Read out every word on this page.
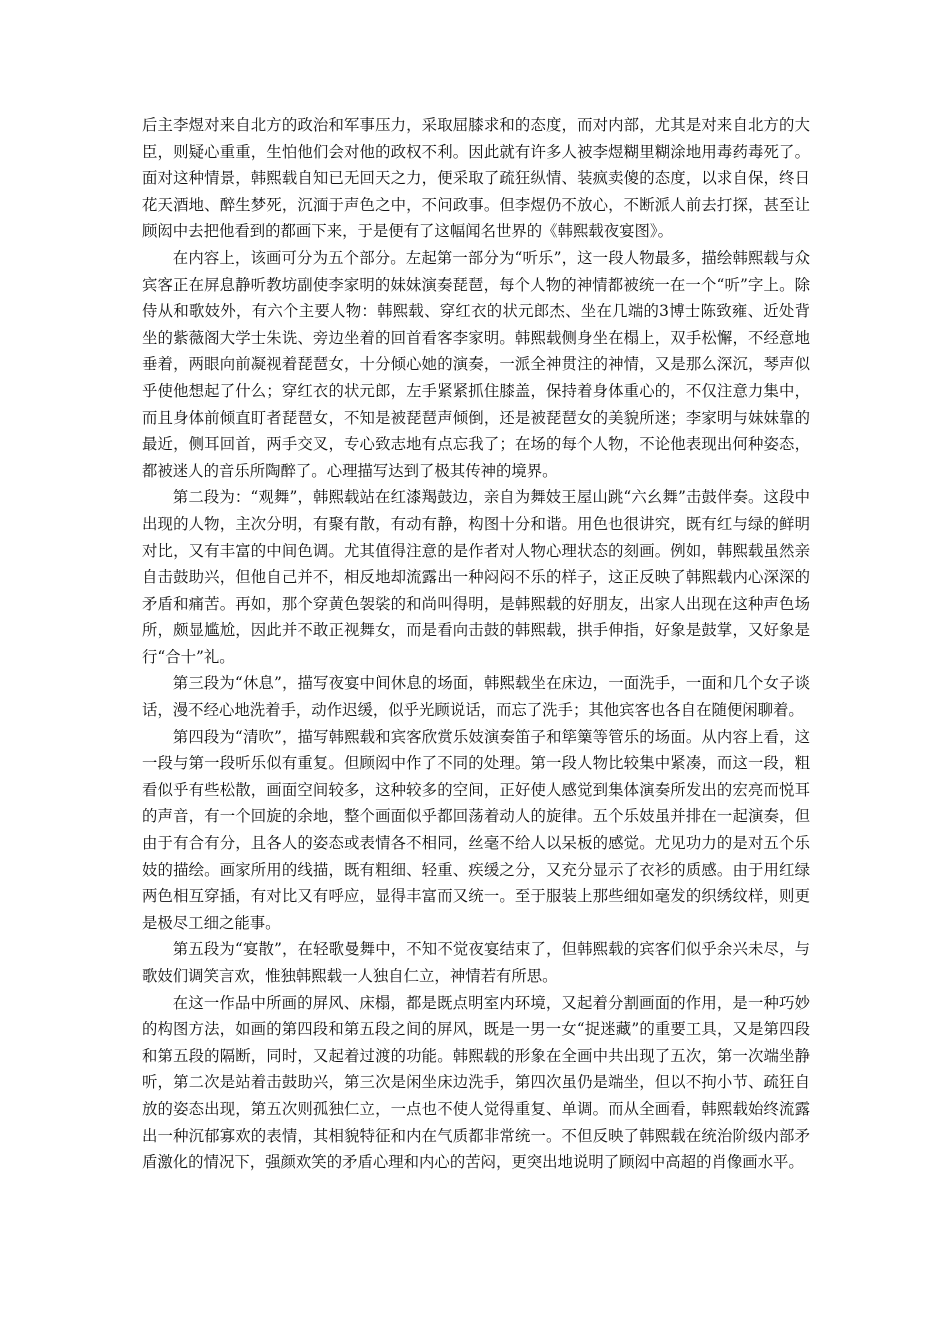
后主李煜对来自北方的政治和军事压力，采取屈膝求和的态度，而对内部，尤其是对来自北方的大臣，则疑心重重，生怕他们会对他的政权不利。因此就有许多人被李煜糊里糊涂地用毒药毒死了。面对这种情景，韩熙载自知已无回天之力，便采取了疏狂纵情、装疯卖傻的态度，以求自保，终日花天酒地、醉生梦死，沉湎于声色之中，不问政事。但李煜仍不放心，不断派人前去打探，甚至让顾闳中去把他看到的都画下来，于是便有了这幅闻名世界的《韩熙载夜宴图》。

在内容上，该画可分为五个部分。左起第一部分为“听乐”，这一段人物最多，描绘韩熙载与众宾客正在屏息静听教坊副使李家明的妹妹演奏琵琶，每个人物的神情都被统一在一个“听”字上。除侍从和歌妓外，有六个主要人物：韩熙载、穿红衣的状元郎杰、坐在几端的3博士陈致雍、近处背坐的紫薇阁大学士朱诜、旁边坐着的回首看客李家明。韩熙载侧身坐在榻上，双手松懈，不经意地垂着，两眼向前凝视着琵琶女，十分倾心她的演奏，一派全神贯注的神情，又是那么深沉，琴声似乎使他想起了什么；穿红衣的状元郎，左手紧紧抓住膝盖，保持着身体重心的，不仅注意力集中，而且身体前倾直盯者琵琶女，不知是被琵琶声倾倒，还是被琵琶女的美貌所迷；李家明与妹妹靠的最近，侧耳回首，两手交叉，专心致志地有点忘我了；在场的每个人物，不论他表现出何种姿态，都被迷人的音乐所陶醉了。心理描写达到了极其传神的境界。

第二段为：“观舞”，韩熙载站在红漆羯鼓边，亲自为舞妓王屋山跳“六幺舞”击鼓伴奏。这段中出现的人物，主次分明，有聚有散，有动有静，构图十分和谐。用色也很讲究，既有红与绿的鲜明对比，又有丰富的中间色调。尤其值得注意的是作者对人物心理状态的刻画。例如，韩熙载虽然亲自击鼓助兴，但他自己并不，相反地却流露出一种闷闷不乐的样子，这正反映了韩熙载内心深深的矛盾和痛苦。再如，那个穿黄色袈裟的和尚叫得明，是韩熙载的好朋友，出家人出现在这种声色场所，颇显尴尬，因此并不敢正视舞女，而是看向击鼓的韩熙载，拱手伸指，好象是鼓掌，又好象是行“合十”礼。

第三段为“休息”，描写夜宴中间休息的场面，韩熙载坐在床边，一面洗手，一面和几个女子谈话，漫不经心地洗着手，动作迟缓，似乎光顾说话，而忘了洗手；其他宾客也各自在随便闲聊着。

第四段为“清吹”，描写韩熙载和宾客欣赏乐妓演奏笛子和筚篥等管乐的场面。从内容上看，这一段与第一段听乐似有重复。但顾闳中作了不同的处理。第一段人物比较集中紧凑，而这一段，粗看似乎有些松散，画面空间较多，这种较多的空间，正好使人感觉到集体演奏所发出的宏亮而悦耳的声音，有一个回旋的余地，整个画面似乎都回荡着动人的旋律。五个乐妓虽并排在一起演奏，但由于有合有分，且各人的姿态或表情各不相同，丝毫不给人以呆板的感觉。尤见功力的是对五个乐妓的描绘。画家所用的线描，既有粗细、轻重、疾缓之分，又充分显示了衣衫的质感。由于用红绿两色相互穿插，有对比又有呼应，显得丰富而又统一。至于服装上那些细如毫发的织绣纹样，则更是极尽工细之能事。

第五段为“宴散”，在轻歌曼舞中，不知不觉夜宴结束了，但韩熙载的宾客们似乎余兴未尽，与歌妓们调笑言欢，惟独韩熙载一人独自仁立，神情若有所思。

在这一作品中所画的屏风、床榻，都是既点明室内环境，又起着分割画面的作用，是一种巧妙的构图方法，如画的第四段和第五段之间的屏风，既是一男一女“捉迷藏”的重要工具，又是第四段和第五段的隔断，同时，又起着过渡的功能。韩熙载的形象在全画中共出现了五次，第一次端坐静听，第二次是站着击鼓助兴，第三次是闲坐床边洗手，第四次虽仍是端坐，但以不拘小节、疏狂自放的姿态出现，第五次则孤独仁立，一点也不使人觉得重复、单调。而从全画看，韩熙载始终流露出一种沉郁寡欢的表情，其相貌特征和内在气质都非常统一。不但反映了韩熙载在统治阶级内部矛盾激化的情况下，强颜欢笑的矛盾心理和内心的苦闷，更突出地说明了顾闳中高超的肖像画水平。
